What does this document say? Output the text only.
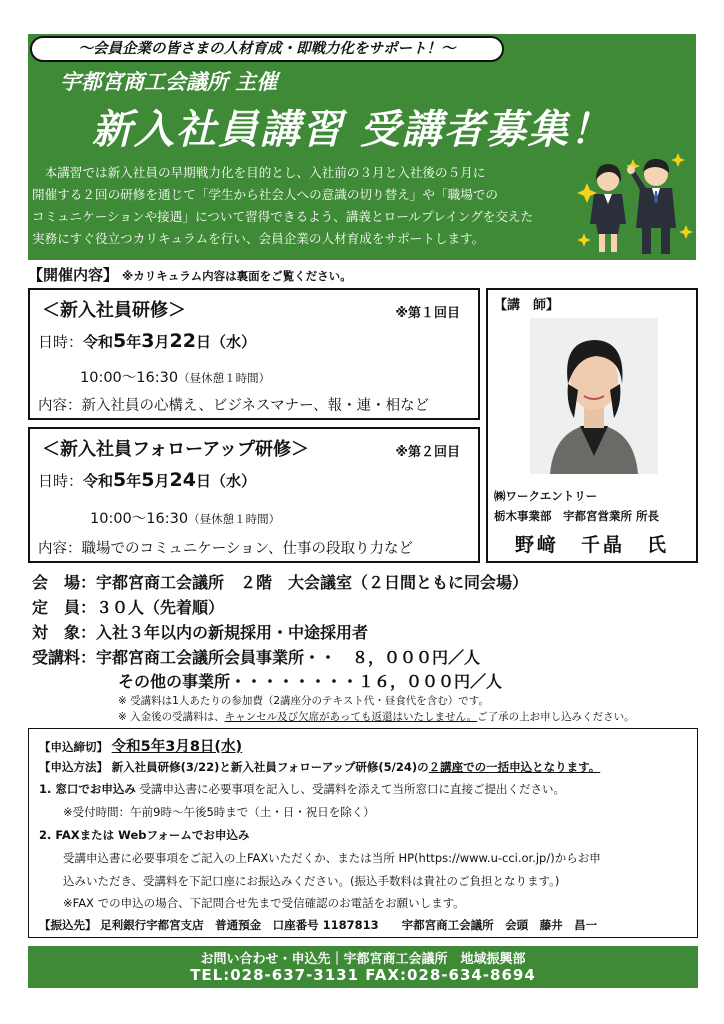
～会員企業の皆さまの人材育成・即戦力化をサポート！～
宇都宮商工会議所 主催
新入社員講習 受講者募集！
　本講習では新入社員の早期戦力化を目的とし、入社前の３月と入社後の５月に
開催する２回の研修を通じて「学生から社会人への意識の切り替え」や「職場での
コミュニケーションや接遇」について習得できるよう、講義とロールプレイングを交えた
実務にすぐ役立つカリキュラムを行い、会員企業の人材育成をサポートします。
【開催内容】 ※カリキュラム内容は裏面をご覧ください。
＜新入社員研修＞	※第１回目
日時：令和5年3月22日（水）
10:00～16:30（昼休憩１時間）
内容：新入社員の心構え、ビジネスマナー、報・連・相など
＜新入社員フォローアップ研修＞	※第２回目
日時：令和5年5月24日（水）
10:00～16:30（昼休憩１時間）
内容：職場でのコミュニケーション、仕事の段取り力など
【講　師】
㈱ワークエントリー
栃木事業部　宇都宮営業所 所長
野﨑　千晶　氏
会　場：宇都宮商工会議所　２階　大会議室（２日間ともに同会場）
定　員：３０人（先着順）
対　象：入社３年以内の新規採用・中途採用者
受講料：宇都宮商工会議所会員事業所・・　８，０００円／人
その他の事業所・・・・・・・・１６，０００円／人
※ 受講料は1人あたりの参加費（2講座分のテキスト代・昼食代を含む）です。
※ 入金後の受講料は、キャンセル及び欠席があっても返還はいたしません。ご了承の上お申し込みください。
【申込締切】 令和5年3月8日(水)
【申込方法】 新入社員研修(3/22)と新入社員フォローアップ研修(5/24)の２講座での一括申込となります。
1. 窓口でお申込み 受講申込書に必要事項を記入し、受講料を添えて当所窓口に直接ご提出ください。
※受付時間：午前9時～午後5時まで（土・日・祝日を除く）
2. FAXまたは Webフォームでお申込み
受講申込書に必要事項をご記入の上FAXいただくか、または当所 HP(https://www.u-cci.or.jp/)からお申
込みいただき、受講料を下記口座にお振込みください。(振込手数料は貴社のご負担となります。)
※FAX での申込の場合、下記問合せ先まで受信確認のお電話をお願いします。
【振込先】 足利銀行宇都宮支店　普通預金　口座番号 1187813　　宇都宮商工会議所　会頭　藤井　昌一
お問い合わせ・申込先｜宇都宮商工会議所　地域振興部
TEL:028-637-3131 FAX:028-634-8694
